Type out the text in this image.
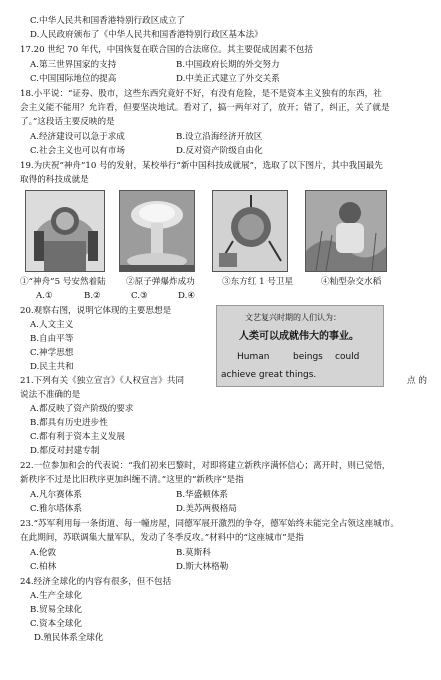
C.中华人民共和国香港特别行政区成立了
D.人民政府颁布了《中华人民共和国香港特别行政区基本法》
17.20 世纪 70 年代，中国恢复在联合国的合法席位。其主要促成因素不包括
A.第三世界国家的支持	B.中国政府长期的外交努力
C.中国国际地位的提高	D.中美正式建立了外交关系
18.小平说：“证券、股市，这些东西究竟好不好，有没有危险，是不是资本主义独有的东西，社
会主义能不能用？允许看，但要坚决地试。看对了，搞一两年对了，放开；错了，纠正，关了就是
了。”这段话主要反映的是
A.经济建设可以急于求成	B.设立沿海经济开放区
C.社会主义也可以有市场	D.反对资产阶级自由化
19.为庆祝“神舟”10 号的发射，某校举行“新中国科技成就展”，选取了以下图片，其中我国最先
取得的科技成就是
①“神舟”5 号安然着陆 ②原子弹爆炸成功	③东方红 1 号卫星	④籼型杂交水稻
A.①	B.②	C.③	D.④
20.观察右图，说明它体现的主要思想是
A.人文主义
B.自由平等
C.神学思想
D.民主共和
文艺复兴时期的人们认为：
人类可以成就伟大的事业。
Human	beings could
achieve great things.
21.下列有关《独立宣言》《人权宣言》共同	点 的
说法不准确的是
A.都反映了资产阶级的要求
B.都具有历史进步性
C.都有利于资本主义发展
D.都反对封建专制
22.一位参加和会的代表说：“我们初来巴黎时，对即将建立新秩序满怀信心；离开时，则已觉悟，
新秩序不过是比旧秩序更加纠缠不清。”这里的“新秩序”是指
A.凡尔赛体系	B.华盛顿体系
C.雅尔塔体系	D.美苏两极格局
23.“苏军利用每一条街道、每一幢房屋，同德军展开激烈的争夺，德军始终未能完全占领这座城市。
在此期间，苏联调集大量军队，发动了冬季反攻。”材料中的“这座城市”是指
A.伦敦	B.莫斯科
C.柏林	D.斯大林格勒
24.经济全球化的内容有很多，但不包括
A.生产全球化
B.贸易全球化
C.资本全球化
D.殖民体系全球化
